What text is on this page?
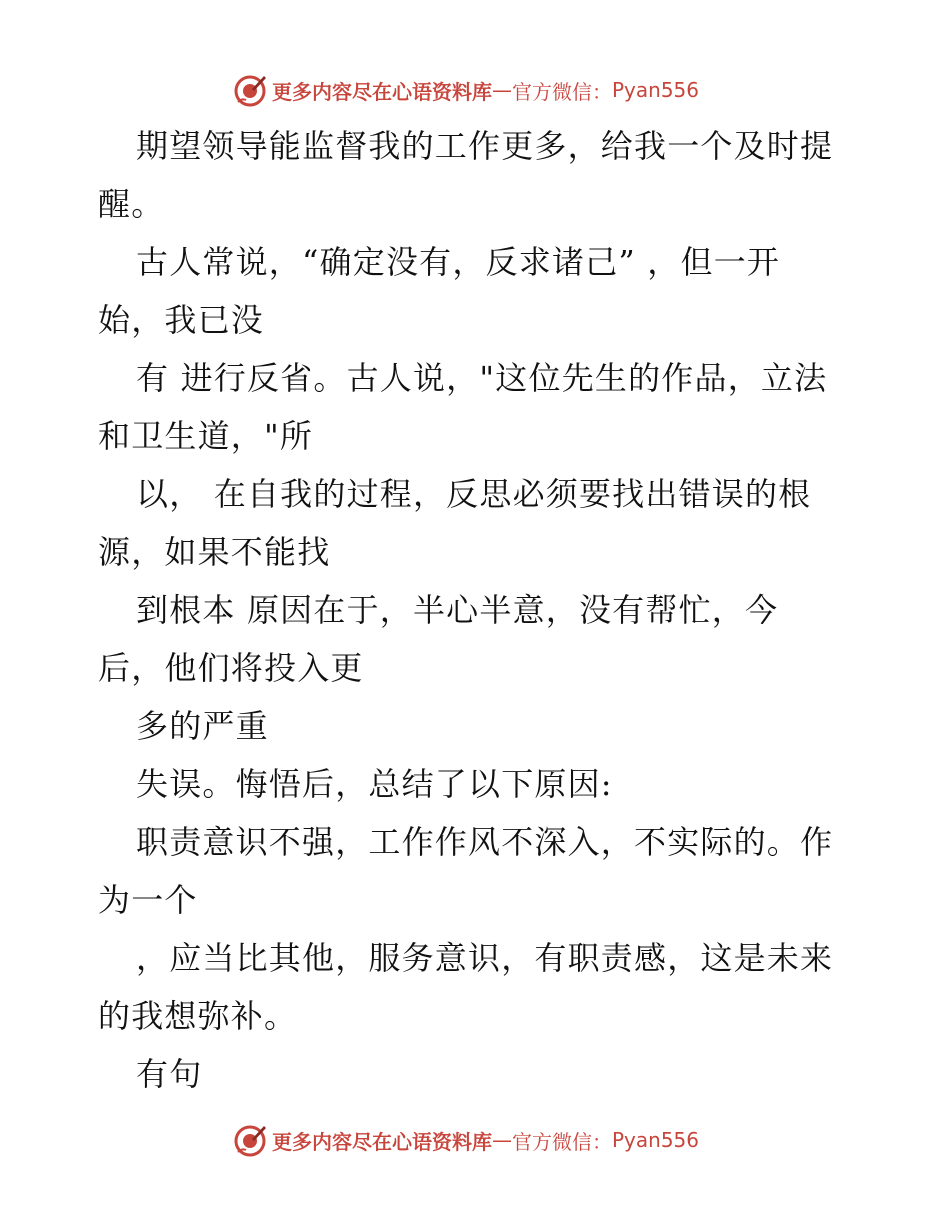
更多内容尽在心语资料库 — 官方微信： Pyan556
期望领导能监督我的工作更多，给我一个及时提
醒。
古人常说，“确定没有，反求诸己” ，但一开
始，我已没
有 进行反省。古人说，"这位先生的作品，立法
和卫生道，"所
以， 在自我的过程，反思必须要找出错误的根
源，如果不能找
到根本 原因在于，半心半意，没有帮忙，今
后，他们将投入更
多的严重
失误。悔悟后，总结了以下原因:
职责意识不强，工作作风不深入，不实际的。作
为一个
，应当比其他，服务意识，有职责感，这是未来
的我想弥补。
有句
更多内容尽在心语资料库 — 官方微信： Pyan556
